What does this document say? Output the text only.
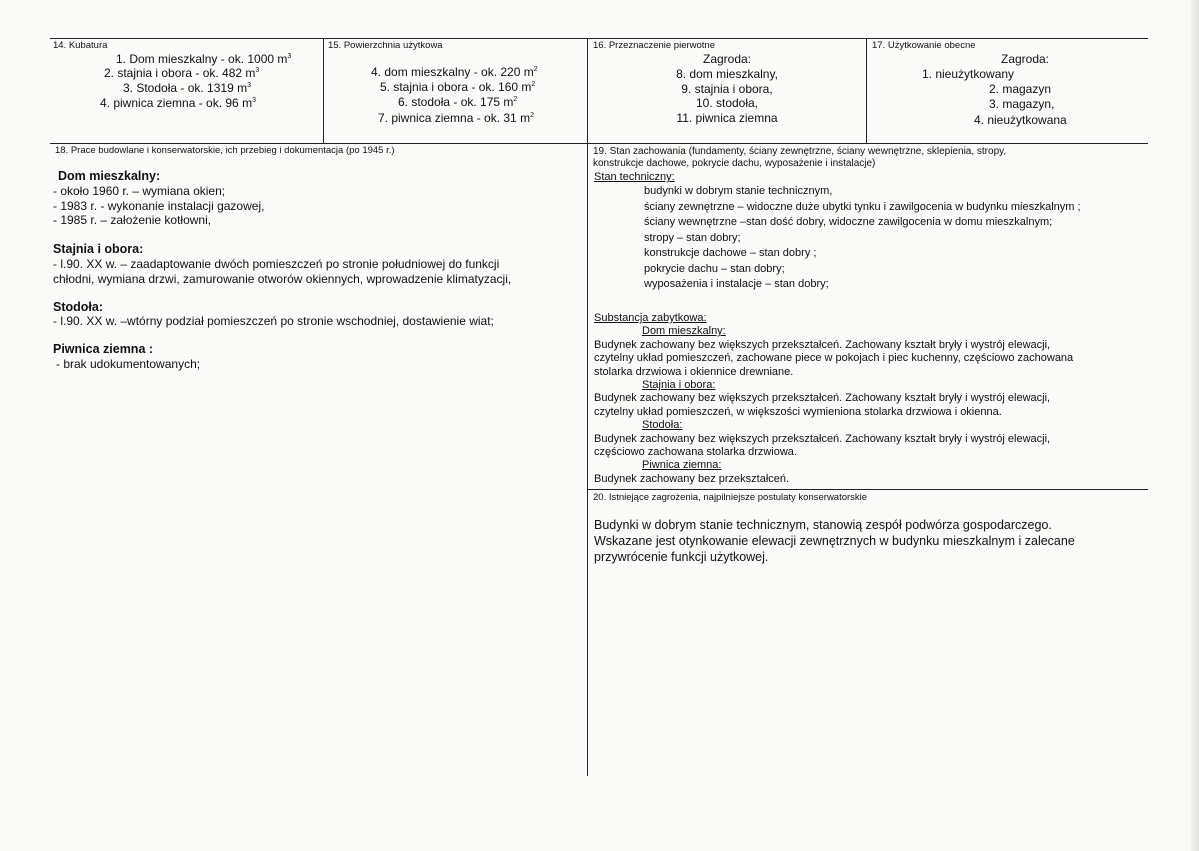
14. Kubatura
1. Dom mieszkalny - ok. 1000 $m^3$
2. stajnia i obora - ok. 482 $m^3$
3. Stodoła - ok. 1319 $m^3$
4. piwnica ziemna - ok. 96 $m^3$
15. Powierzchnia użytkowa
4. dom mieszkalny - ok. 220 $m^2$
5. stajnia i obora - ok. 160 $m^2$
6. stodoła - ok. 175 $m^2$
7. piwnica ziemna - ok. 31 $m^2$
16. Przeznaczenie pierwotne
Zagroda:
8. dom mieszkalny,
9. stajnia i obora,
10. stodoła,
11. piwnica ziemna
17. Użytkowanie obecne
Zagroda:
1. nieużytkowany
2. magazyn
3. magazyn,
4. nieużytkowana
18. Prace budowlane i konserwatorskie, ich przebieg i dokumentacja (po 1945 r.)
Dom mieszkalny:
- około 1960 r. – wymiana okien;
- 1983 r. - wykonanie instalacji gazowej,
- 1985 r. – założenie kotłowni,
Stajnia i obora:
- l.90. XX w. – zaadaptowanie dwóch pomieszczeń po stronie południowej do funkcji
chłodni, wymiana drzwi, zamurowanie otworów okiennych, wprowadzenie klimatyzacji,
Stodoła:
- l.90. XX w. –wtórny podział pomieszczeń po stronie wschodniej, dostawienie wiat;
Piwnica ziemna :
- brak udokumentowanych;
19. Stan zachowania (fundamenty, ściany zewnętrzne, ściany wewnętrzne, sklepienia, stropy,
konstrukcje dachowe, pokrycie dachu, wyposażenie i instalacje)
Stan techniczny:
budynki w dobrym stanie technicznym,
ściany zewnętrzne – widoczne duże ubytki tynku i zawilgocenia w budynku mieszkalnym ;
ściany wewnętrzne –stan dość dobry, widoczne zawilgocenia w domu mieszkalnym;
stropy – stan dobry;
konstrukcje dachowe – stan dobry ;
pokrycie dachu – stan dobry;
wyposażenia i instalacje – stan dobry;
Substancja zabytkowa:
Dom mieszkalny:
Budynek zachowany bez większych przekształceń. Zachowany kształt bryły i wystrój elewacji,
czytelny układ pomieszczeń, zachowane piece w pokojach i piec kuchenny, częściowo zachowana
stolarka drzwiowa i okiennice drewniane.
Stajnia i obora:
Budynek zachowany bez większych przekształceń. Zachowany kształt bryły i wystrój elewacji,
czytelny układ pomieszczeń, w większości wymieniona stolarka drzwiowa i okienna.
Stodoła:
Budynek zachowany bez większych przekształceń. Zachowany kształt bryły i wystrój elewacji,
częściowo zachowana stolarka drzwiowa.
Piwnica ziemna:
Budynek zachowany bez przekształceń.
20. Istniejące zagrożenia, najpilniejsze postulaty konserwatorskie
Budynki w dobrym stanie technicznym, stanowią zespół podwórza gospodarczego.
Wskazane jest otynkowanie elewacji zewnętrznych w budynku mieszkalnym i zalecane
przywrócenie funkcji użytkowej.
